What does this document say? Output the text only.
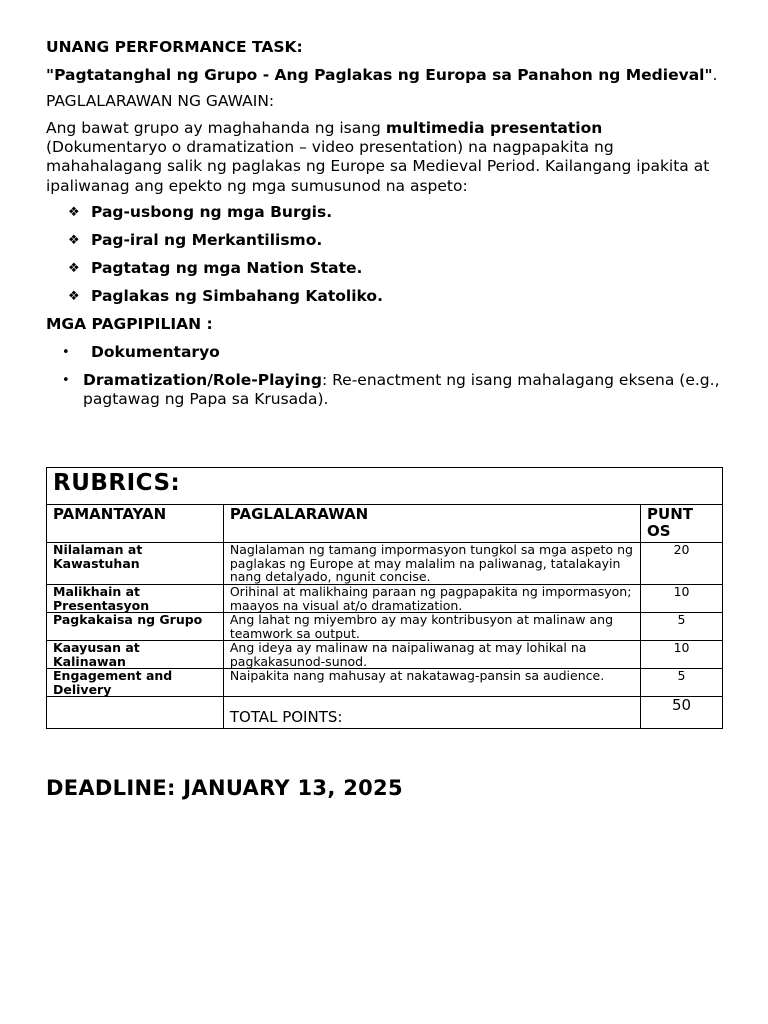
UNANG PERFORMANCE TASK:

"Pagtatanghal ng Grupo - Ang Paglakas ng Europa sa Panahon ng Medieval".

PAGLALARAWAN NG GAWAIN:

Ang bawat grupo ay maghahanda ng isang multimedia presentation (Dokumentaryo o dramatization – video presentation) na nagpapakita ng mahahalagang salik ng paglakas ng Europe sa Medieval Period. Kailangang ipakita at ipaliwanag ang epekto ng mga sumusunod na aspeto:

❖ Pag-usbong ng mga Burgis.
❖ Pag-iral ng Merkantilismo.
❖ Pagtatag ng mga Nation State.
❖ Paglakas ng Simbahang Katoliko.

MGA PAGPIPILIAN :

•	Dokumentaryo
• Dramatization/Role-Playing: Re-enactment ng isang mahalagang eksena (e.g., pagtawag ng Papa sa Krusada).
RUBRICS:		
PAMANTAYAN	PAGLALARAWAN	PUNT OS
Nilalaman at Kawastuhan	Naglalaman ng tamang impormasyon tungkol sa mga aspeto ng paglakas ng Europe at may malalim na paliwanag, tatalakayin nang detalyado, ngunit concise.	20
Malikhain at Presentasyon	Orihinal at malikhaing paraan ng pagpapakita ng impormasyon; maayos na visual at/o dramatization.	10
Pagkakaisa ng Grupo	Ang lahat ng miyembro ay may kontribusyon at malinaw ang teamwork sa output.	5
Kaayusan at Kalinawan	Ang ideya ay malinaw na naipaliwanag at may lohikal na pagkakasunod-sunod.	10
Engagement and Delivery	Naipakita nang mahusay at nakatawag-pansin sa audience.	5
	TOTAL POINTS:	50

DEADLINE: JANUARY 13, 2025
